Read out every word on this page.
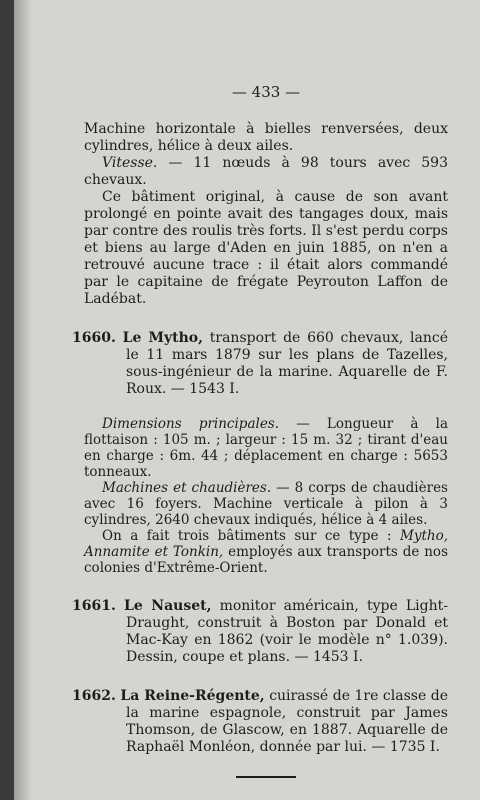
— 433 —

Machine horizontale à bielles renversées, deux cylindres, hélice à deux ailes.

Vitesse. — 11 nœuds à 98 tours avec 593 chevaux.

Ce bâtiment original, à cause de son avant prolongé en pointe avait des tangages doux, mais par contre des roulis très forts. Il s'est perdu corps et biens au large d'Aden en juin 1885, on n'en a retrouvé aucune trace : il était alors commandé par le capitaine de frégate Peyrouton Laffon de Ladébat.

1660. Le Mytho, transport de 660 chevaux, lancé le 11 mars 1879 sur les plans de Tazelles, sous-ingénieur de la marine. Aquarelle de F. Roux. — 1543 I.

Dimensions principales. — Longueur à la flottaison : 105 m. ; largeur : 15 m. 32 ; tirant d'eau en charge : 6m. 44 ; déplacement en charge : 5653 tonneaux.

Machines et chaudières. — 8 corps de chaudières avec 16 foyers. Machine verticale à pilon à 3 cylindres, 2640 chevaux indiqués, hélice à 4 ailes.

On a fait trois bâtiments sur ce type : Mytho, Annamite et Tonkin, employés aux transports de nos colonies d'Extrême-Orient.

1661. Le Nauset, monitor américain, type Light-Draught, construit à Boston par Donald et Mac-Kay en 1862 (voir le modèle n° 1.039). Dessin, coupe et plans. — 1453 I.

1662. La Reine-Régente, cuirassé de 1re classe de la marine espagnole, construit par James Thomson, de Glascow, en 1887. Aquarelle de Raphaël Monléon, donnée par lui. — 1735 I.
